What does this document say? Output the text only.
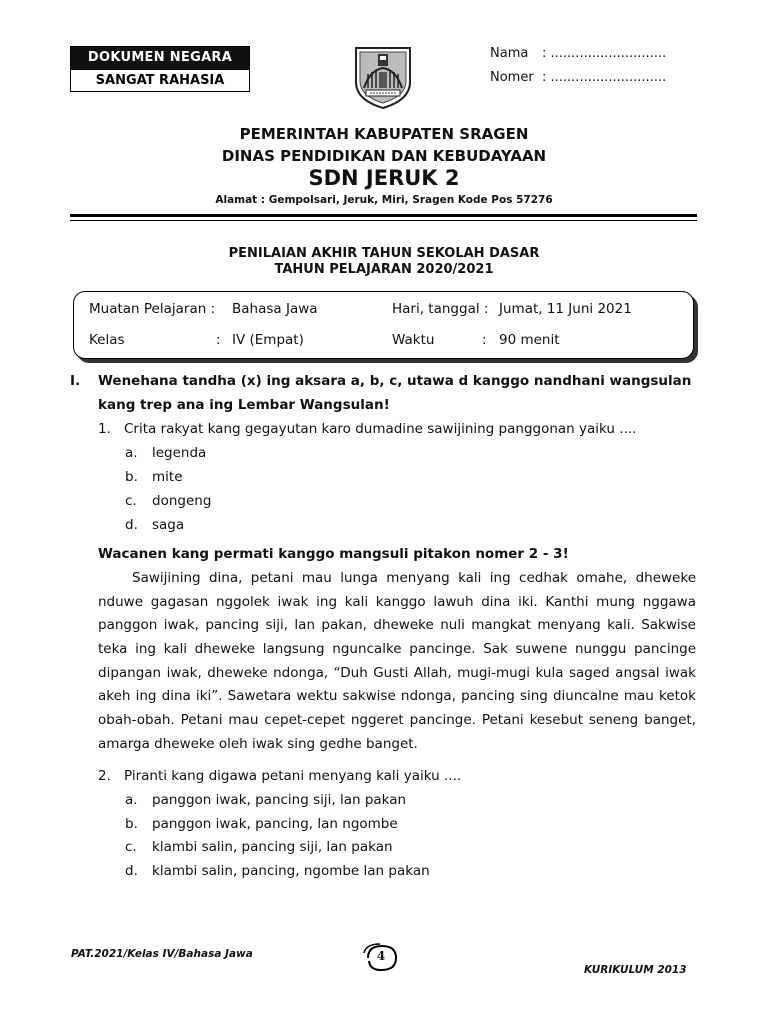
DOKUMEN NEGARA
SANGAT RAHASIA
Nama : ............................
Nomer : ............................
PEMERINTAH KABUPATEN SRAGEN
DINAS PENDIDIKAN DAN KEBUDAYAAN
SDN JERUK 2
Alamat : Gempolsari, Jeruk, Miri, Sragen Kode Pos 57276
PENILAIAN AKHIR TAHUN SEKOLAH DASAR
TAHUN PELAJARAN 2020/2021
Muatan Pelajaran : Bahasa Jawa	Hari, tanggal : Jumat, 11 Juni 2021
Kelas	: IV (Empat)	Waktu	: 90 menit
I. Wenehana tandha (x) ing aksara a, b, c, utawa d kanggo nandhani wangsulan
kang trep ana ing Lembar Wangsulan!
1. Crita rakyat kang gegayutan karo dumadine sawijining panggonan yaiku ....
a. legenda
b. mite
c. dongeng
d. saga
Wacanen kang permati kanggo mangsuli pitakon nomer 2 - 3!
Sawijining dina, petani mau lunga menyang kali ing cedhak omahe, dheweke
nduwe gagasan nggolek iwak ing kali kanggo lawuh dina iki. Kanthi mung nggawa
panggon iwak, pancing siji, lan pakan, dheweke nuli mangkat menyang kali. Sakwise
teka ing kali dheweke langsung nguncalke pancinge. Sak suwene nunggu pancinge
dipangan iwak, dheweke ndonga, “Duh Gusti Allah, mugi-mugi kula saged angsal iwak
akeh ing dina iki”. Sawetara wektu sakwise ndonga, pancing sing diuncalne mau ketok
obah-obah. Petani mau cepet-cepet nggeret pancinge. Petani kesebut seneng banget,
amarga dheweke oleh iwak sing gedhe banget.
2. Piranti kang digawa petani menyang kali yaiku ....
a. panggon iwak, pancing siji, lan pakan
b. panggon iwak, pancing, lan ngombe
c. klambi salin, pancing siji, lan pakan
d. klambi salin, pancing, ngombe lan pakan
PAT.2021/Kelas IV/Bahasa Jawa	4
KURIKULUM 2013
